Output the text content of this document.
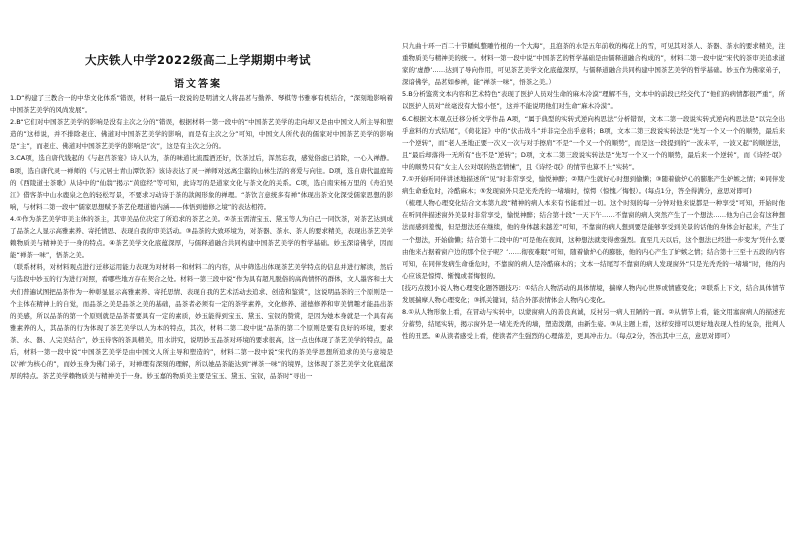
大庆铁人中学2022级高二上学期期中考试
语文答案

1.D“构建了三教合一的中华文化体系”错误，材料一最后一段说的是明清文人将品茗与勤养、琴棋等书雅事有机结合，“深刻地影响着中国茶艺美学的风尚发展”。

2.B“它们对中国茶艺美学的影响是没有主次之分的”错误，根据材料一第一段中的“中国茶艺美学的走向却又是由中国文人所主导和塑造的”这样说，并不排除老庄、佛道对中国茶艺美学的影响，而是有主次之分”可知，中国文人所代表的儒家对中国茶艺美学的影响是“主”，而老庄、佛道对中国茶艺美学的影响是“次”，这是有主次之分的。

3.CA项，选自唐代钱起的《与赵莒茶宴》诗人认为，茶的味道比流霞酒还好，饮茶过后，浑然忘我，感觉俗虑已消除，一心入禅静。B项，选自唐代灵一禅师的《与元居士青山潭饮茶》该诗表达了灵一禅师对远离尘嚣的山林生活的喜爱与向往。D项，选自唐代温庭筠的《西陵道士茶歌》从诗中的“仙翁”揭示“黄庭经”等可知，此诗写的是道家文化与茶文化的关系。C项，选自南宋杨万里的《舟泊吴江》借客茶中山水鹿泉之色的轻松写景，不要求习动诗于茶的款阁形象的禅理。“茶饮言意统多有禅”体现出茶文化深受儒家思想的影响，与材料二第一段中“儒家思想赋予茶艺伦理道德内涵——体悟到德修之境”的表达相符。

4.①作为茶艺美学审美主体的茶主，其审美品位决定了所追求的茶艺之美。②茶玉需清宝玉、黛玉等人为自己一同饮茶，对茶艺达到成了品茶之人显示高雅素养、寄托情思、表现自我的审美活动。③品茶的大致环境为，对茶器、茶水、茶人的要求精美，表现出茶艺美学赖物质美与精神美于一身的特点。④茶艺美学文化底蕴深厚，与儒释道融合共同构建中国茶艺美学的哲学基础。妙玉深谙佛学，因而能“禅茶一味”，悟茶之美。

（联系材料，对材料观点进行迁移运用能力表现为对材料一和材料二的内容，从中筛选出体现茶艺美学特点的信息并进行解读，然后与选段中妙玉的行为进行对照，看哪些地方存在契合之处。材料一第三段中说“作为具有超凡脱俗的高尚情怀的群体，文人墨客和士大夫们普遍试图把品茶作为一种彰显显示高雅素养、寄托思情、表现自我的艺术活动去追求、创造和鉴赏”，这说明品茶的三个原则是一个主体在精神上的自觉，而品茶之美是品茶之美的基础，品茶者必须有一定的茶学素养，文化修养、道德修养和审美情趣才能品出茶的美感，所以品茶的第一个原则就是品茶者要具有一定的素质，妙玉能得到宝玉、黛玉、宝钗的赞赏，是因为她本身就是一个具有高雅素养的人，其品茶的行为体现了茶艺美学以人为本的特点，其次，材料二第二段中说“品茶的第二个原则是要有良好的环境，要求茶、水、器、人完美结合”，妙玉待客的茶具精美，用水讲究，说明妙玉品茶对环境的要求很高，这一点也体现了茶艺美学的特点，最后，材料一第一段中说“中国茶艺美学是由中国文人所主导和塑造的”，材料二第一段中说“宋代的茶美学思想所追求的美与意境是以'禅'为核心的”，而妙玉身为佛门弟子，对禅理有深刻的理解，所以她品茶能达到“禅茶一味”的境界，这体现了茶艺美学文化底蕴深厚的特点。茶艺美学赖物质美与精神美于一身。妙玉嘉的物质美主要是宝玉、黛玉、宝钗，品茶时“寻出一

只九曲十环一百二十节蟠虬整雕竹根的一个大海”，且泡茶的水是五年前收的梅花上的雪，可见其对茶人、茶器、茶水的要求精美，注重物质美与精神美的统一。材料一第一段中说“中国茶艺的哲学基础是由儒释道融合构成的”，材料二第一段中说“宋代的茶审美追求道家的‘虚静’……达到了导向作用，可见茶艺美学文化底蕴深厚，与儒释道融合共同构建中国茶艺美学的哲学基础。妙玉作为佛家弟子，深谙佛学，品茗如参禅，能“禅茶一味”，悟茶之美。）

5.B分析鉴赏文本内容和艺术特色“表现了医护人员对生命的麻木冷漠”理解不当，文本中的前段已经交代了“他们的病情都很严重”，所以医护人员对“丝毫没有大惊小怪”，这并不能说明他们对生命“麻木冷漠”。

6.C根据文本观点迁移分析文学作品 A项，“属于典型的实转式逆向构思法”分析错误，文本二第一段说实转式逆向构思法是“以完全出乎意料的方式结尾”，《荷花淀》中的“伏击战斗”并非完全出乎意料；B项，文本二第三段说实转法是“先写一个又一个的顺势，最后来一个逆转”，而“老人圣地正要一次又一次与对手擦肩”不是“一个又一个的顺势”，而是这一段提到的“一波未平，一波又起”的顺逆法，且“最后却落得一无所有”也不是“逆转”；D项，文本二第三段说实转法是“先写一个又一个的顺势，最后来一个逆转”，而《诗经·氓》中的顺势只有“女主人公对氓的热恋情愫”，且《诗经·氓》的情节也算不上“实转”。

7.①开始听同伴讲述地描述所“见”时非常享受，愉悦神醉；②期户生就好心时想到偷懒；③随着偷炉心的膨胀产生妒嫉之情；④同伴发病生命垂危时，冷酷麻木；⑤发现窗外只是光秃秃的一堵墙时，惊愕（惊愧／悔恨）。(每点1分，答全得满分，意思对即可)

（梳理人物心理变化结合文本第九段“精神的病人本来有书能看过一切。这个时刻的每一分钟对他来说都是一种享受”可知，开始时他在听同伴描述窗外美景时非常享受，愉悦神醉；结合第十段“一天下午……不靠窗的病人突然产生了一个想法……他为自己会有这种想法而感到羞愧，但是想法还在继续，他的身体越来越差”可知，不靠窗的病人想到要是能够享受到美景的话他的身体会好起来，产生了一个想法，开始偷懒；结合第十二段中的“可是他在夜间，这种想法就变得愈强烈。直至几天以后，这个想法已经进一步变为‘凭什么要由他来占据着窗户边的那个位子呢？’……彻夜难眠”可知，随着偷炉心的膨胀，他的内心产生了妒嫉之情；结合第十三至十五段的内容可知，在同伴发病生命垂危时，不靠窗的病人是冷酷麻木的；文本一结尾写不靠窗的病人发现窗外“只是光秃秃的一堵墙”时，他的内心应该是惊愕、惭愧或者悔恨的。

[技巧点拨]小说人物心理变化题答题技巧：①结合人物活动的具体情境，揣摩人物内心世界或情感变化；②联系上下文，结合具体情节发展揣摩人物心理变化；③抓关键词，结合外部表情体会人物内心变化。

8.①从人物形象上看，在冒动与实转中，以蒙窗病人的善良真诚，反衬另一病人丑陋的一面。②从情节上看，能文用塞窗病人的描述充分蓄势，结尾实转，揭示窗外是一堵光秃秃的墙，塑造泼潮，由新生姿。③从主题上看，这样安排可以更好地表现人性的复杂，批判人性的丑恶。④从读者感受上看，使读者产生强烈的心理落差，更具冲击力。（每点2分，答出其中三点，意思对即可）
